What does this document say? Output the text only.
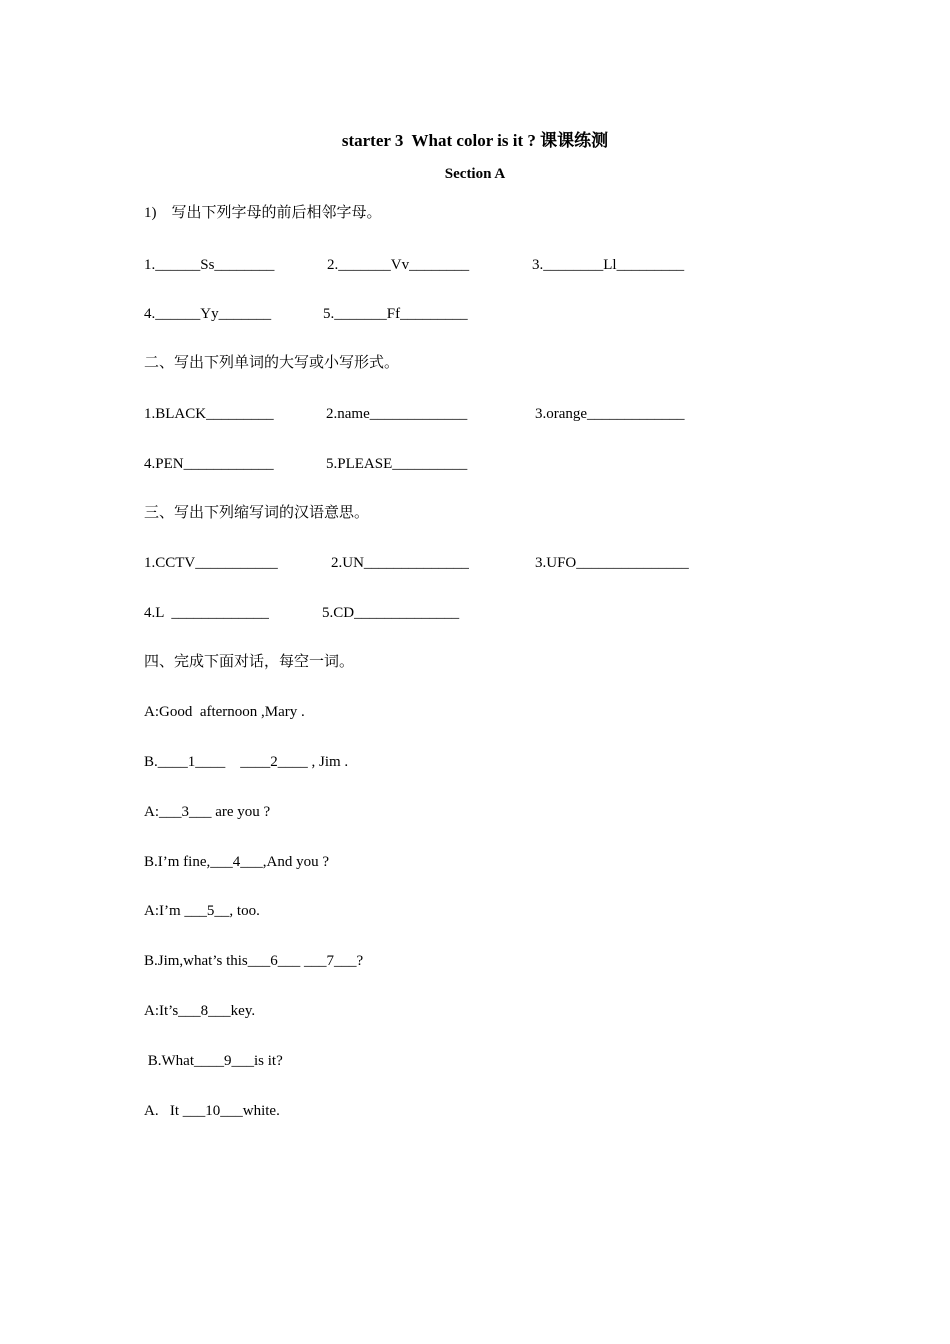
starter 3  What color is it ? 课课练测
Section A
1)    写出下列字母的前后相邻字母。
1.______Ss________	2._______Vv________	3.________Ll_________
4.______Yy_______	5._______Ff_________
二、写出下列单词的大写或小写形式。
1.BLACK_________	2.name_____________	3.orange_____________
4.PEN____________	5.PLEASE__________
三、写出下列缩写词的汉语意思。
1.CCTV___________	2.UN______________	3.UFO_______________
4.L  _____________	5.CD______________
四、完成下面对话，每空一词。
A:Good  afternoon ,Mary .
B.____1____    ____2____ , Jim .
A:___3___ are you ?
B.I’m fine,___4___,And you ?
A:I’m ___5__, too.
B.Jim,what’s this___6___ ___7___?
A:It’s___8___key.
B.What____9___is it?
A.   It ___10___white.
